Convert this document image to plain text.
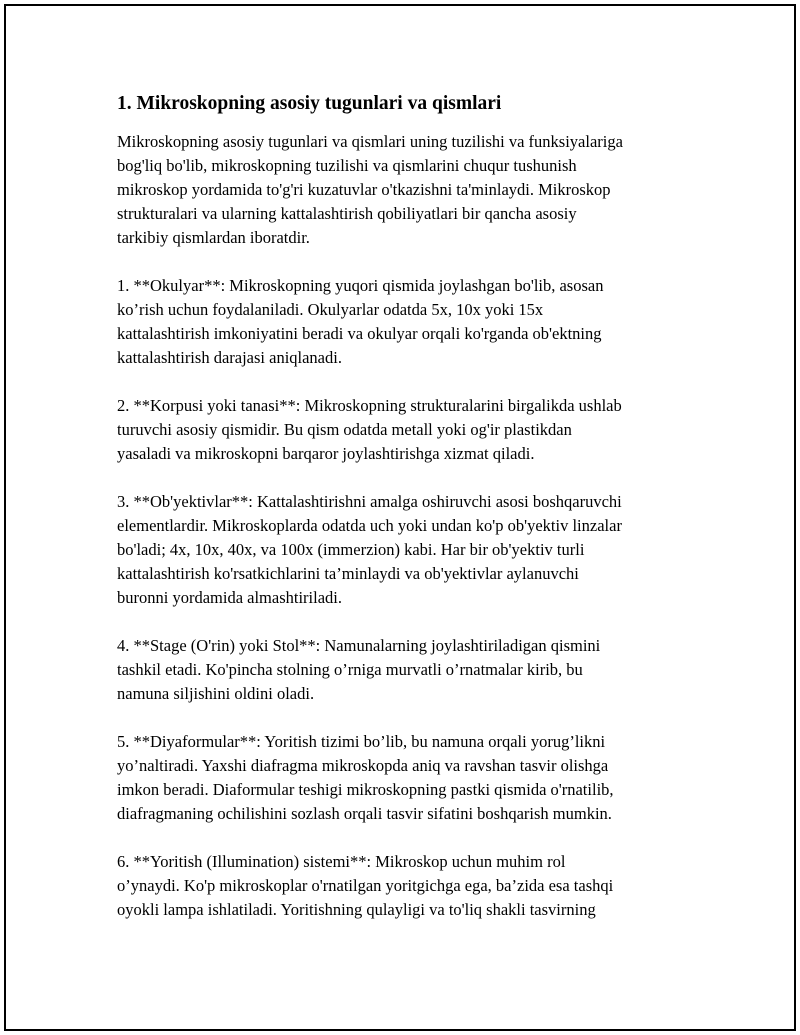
1. Mikroskopning asosiy tugunlari va qismlari

Mikroskopning asosiy tugunlari va qismlari uning tuzilishi va funksiyalariga
bog'liq bo'lib, mikroskopning tuzilishi va qismlarini chuqur tushunish
mikroskop yordamida to'g'ri kuzatuvlar o'tkazishni ta'minlaydi. Mikroskop
strukturalari va ularning kattalashtirish qobiliyatlari bir qancha asosiy
tarkibiy qismlardan iboratdir.

1. **Okulyar**: Mikroskopning yuqori qismida joylashgan bo'lib, asosan
ko’rish uchun foydalaniladi. Okulyarlar odatda 5x, 10x yoki 15x
kattalashtirish imkoniyatini beradi va okulyar orqali ko'rganda ob'ektning
kattalashtirish darajasi aniqlanadi.

2. **Korpusi yoki tanasi**: Mikroskopning strukturalarini birgalikda ushlab
turuvchi asosiy qismidir. Bu qism odatda metall yoki og'ir plastikdan
yasaladi va mikroskopni barqaror joylashtirishga xizmat qiladi.

3. **Ob'yektivlar**: Kattalashtirishni amalga oshiruvchi asosi boshqaruvchi
elementlardir. Mikroskoplarda odatda uch yoki undan ko'p ob'yektiv linzalar
bo'ladi; 4x, 10x, 40x, va 100x (immerzion) kabi. Har bir ob'yektiv turli
kattalashtirish ko'rsatkichlarini ta’minlaydi va ob'yektivlar aylanuvchi
buronni yordamida almashtiriladi.

4. **Stage (O'rin) yoki Stol**: Namunalarning joylashtiriladigan qismini
tashkil etadi. Ko'pincha stolning o’rniga murvatli o’rnatmalar kirib, bu
namuna siljishini oldini oladi.

5. **Diyaformular**: Yoritish tizimi bo’lib, bu namuna orqali yorug’likni
yo’naltiradi. Yaxshi diafragma mikroskopda aniq va ravshan tasvir olishga
imkon beradi. Diaformular teshigi mikroskopning pastki qismida o'rnatilib,
diafragmaning ochilishini sozlash orqali tasvir sifatini boshqarish mumkin.

6. **Yoritish (Illumination) sistemi**: Mikroskop uchun muhim rol
o’ynaydi. Ko'p mikroskoplar o'rnatilgan yoritgichga ega, ba’zida esa tashqi
oyokli lampa ishlatiladi. Yoritishning qulayligi va to'liq shakli tasvirning
